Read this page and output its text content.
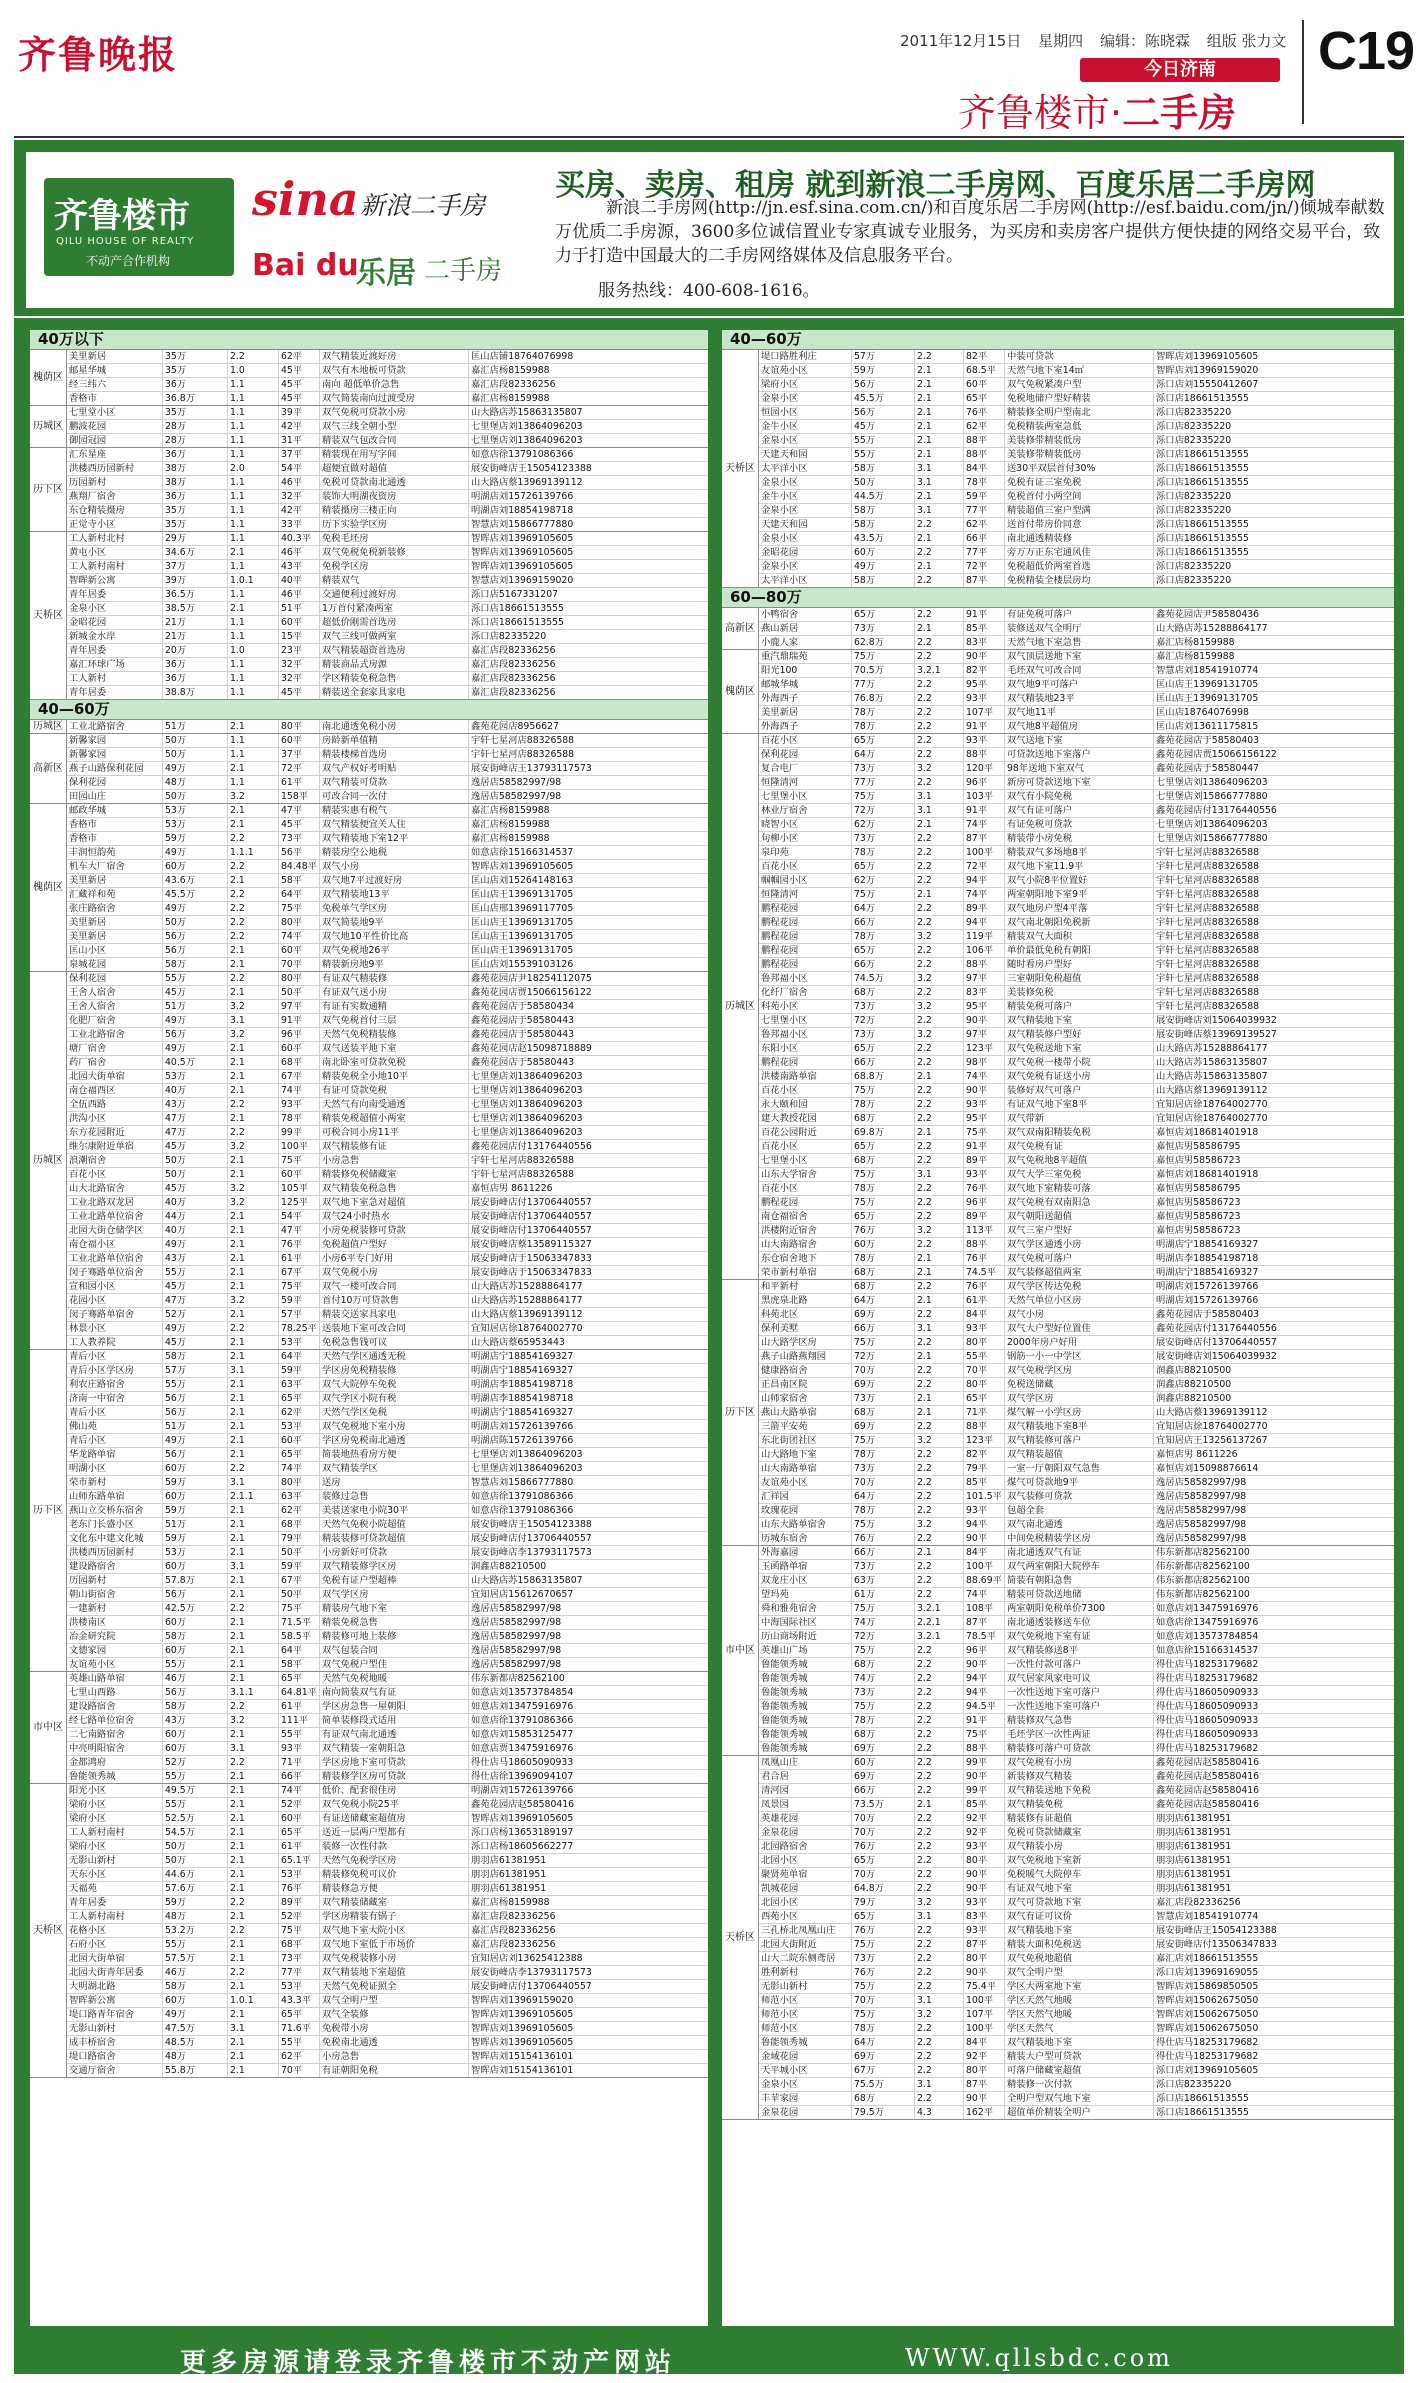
齐鲁晚报	2011年12月15日 星期四 编辑：陈晓霖 组版 张力文 C19
今日济南
齐鲁楼市·二手房
齐鲁楼市
QILU HOUSE OF REALTY
不动产合作机构
sina 新浪二手房
Bai du
乐居 二手房
买房、卖房、租房 就到新浪二手房网、百度乐居二手房网
新浪二手房网(http://jn.esf.sina.com.cn/)和百度乐居二手房网(http://esf.baidu.com/jn/)倾城奉献数万优质二手房源，3600多位诚信置业专家真诚专业服务，为买房和卖房客户提供方便快捷的网络交易平台，致力于打造中国最大的二手房网络媒体及信息服务平台。
服务热线：400-608-1616。
40万以下
槐荫区
美里新居	35万	2.2	62平	双气精装近渡好房	匡山店铺18764076998
邮星华城	35万	1.0	45平	双气有木地板可贷款	嘉汇店杨8159988
经三纬六	36万	1.1	45平	南向 超低单价急售	嘉汇店段82336256
香格市	36.8万	1.1	45平	双气简装南向过渡受房	嘉汇店杨8159988
历城区
七里堂小区	35万	1.1	39平	双气免税可贷款小房	山大路店苏15863135807
鹏波花园	28万	1.1	42平	双气三线全朝小型	七里堡店刘13864096203
御园冠园	28万	1.1	31平	精装双气包改合同	七里堡店刘13864096203
历下区
汇东星座	36万	1.1	37平	精装现在用写字间	如意店徐13791086366
洪楼西历园新村	38万	2.0	54平	超便宜做对超值	展安街峰店王15054123388
历园新村	38万	1.1	46平	免税可贷款南北通透	山大路店蔡13969139112
燕翔厂宿舍	36万	1.1	32平	装饰大明湖夜资房	明湖店刘15726139766
东仓精装摄房	35万	1.1	42平	精装摄房三楼正向	明湖店刘18854198718
正觉寺小区	35万	1.1	33平	历下实验学区房	智慧店刘15866777880
天桥区
工人新村北村	29万	1.1	40.3平	免税毛坯房	智晖店刘13969105605
黄屯小区	34.6万	2.1	46平	双气免税免税新装修	智晖店刘13969105605
工人新村南村	37万	1.1	43平	免税学区房	智晖店刘13969105605
智晖新公寓	39万	1.0.1	40平	精装双气	智慧店刘13969159020
青年居委	36.5万	1.1	46平	交通便利过渡好房	泺口店5167331207
金泉小区	38.5万	2.1	51平	1万首付紧凑两室	泺口店18661513555
金昭花园	21万	1.1	60平	超低价刚需首选房	泺口店18661513555
新城金水岸	21万	1.1	15平	双气三线可做两室	泺口店82335220
青年居委	20万	1.0	23平	双气精装超资首选房	嘉汇店段82336256
嘉汇环球广场	36万	1.1	32平	精装商品式房源	嘉汇店段82336256
工人新村	36万	1.1	32平	学区精装免税急售	嘉汇店段82336256
青年居委	38.8万	1.1	45平	精装送全套家具家电	嘉汇店段82336256
40—60万
历城区 工业北路宿舍	51万	2.1	80平	南北通透免税小房	鑫苑花园店8956627
高新区
新馨家园	50万	1.1	60平	房龄新单值精	宇轩七星河店88326588
新馨家园	50万	1.1	37平	精装楼梯首选房	宇轩七星河店88326588
燕子山路保利花园	49万	2.1	72平	双气产权好考明贴	展安街峰店王13793117573
保利花园	48万	1.1	61平	双气精装可贷款	逸居店58582997/98
田园山庄	50万	3.2	158平	可改合同一次付	逸居店58582997/98
槐荫区
邮政华城	53万	2.1	47平	精装实惠有税气	嘉汇店杨8159988
香格市	53万	2.1	45平	双气精装便宜关人住	嘉汇店杨8159988
香格市	59万	2.2	73平	双气精装地下室12平	嘉汇店杨8159988
丰润恒韵苑	49万	1.1.1	56平	精装房空公地税	如意店徐15166314537
机车大厂宿舍	60万	2.2	84.48平 双气小房	智晖店刘13969105605
美里新居	43.6万	2.1	58平	双气地7平过渡好房	匡山店刘15264148163
汇藏祥和苑	45.5万	2.2	64平	双气精装地13平	匡山店王13969131705
张庄路宿舍	49万	2.2	75平	免税单气学区房	匡山店邢13969117705
美里新居	50万	2.2	80平	双气简装地9平	匡山店王13969131705
美里新居	56万	2.2	74平	双气地10平性价比高	匡山店王13969131705
匡山小区	56万	2.1	60平	双气免税地26平	匡山店王13969131705
泉城花园	58万	2.1	70平	精装新房地9平	匡山店刘15539103126
历城区
保利花园	55万	2.2	80平	有证双气精装修	鑫苑花园店尹18254112075
王舍人宿舍	45万	2.1	50平	有证双气送小房	鑫苑花园店贾15066156122
王舍人宿舍	51万	3.2	97平	有证有实数通精	鑫苑花园店于58580434
化肥厂宿舍	49万	3.1	91平	双气免税首付三层	鑫苑花园店于58580443
工业北路宿舍	56万	3.2	96平	天然气免税精装修	鑫苑花园店于58580443
塘厂宿舍	49万	2.1	60平	双气送装平地下室	鑫苑花园店赵15098718889
药厂宿舍	40.5万	2.1	68平	南北卧室可贷款免税	鑫苑花园店于58580443
北园大街单宿	53万	2.1	67平	精装免税全小地10平	七里堡店刘13864096203
南仓福西区	40万	2.1	74平	有证可贷款免税	七里堡店刘13864096203
全伍西路	43万	2.2	93平	天然气有向南受通透	七里堡店刘13864096203
洪沟小区	47万	2.1	78平	精装免税超值小两室	七里堡店刘13864096203
东方花园附近	47万	2.2	99平	可税合同小房11平	七里堡店刘13864096203
维尔康附近单宿	45万	3.2	100平	双气精装修有证	鑫苑花园店付13176440556
浪潮宿舍	50万	2.1	75平	小房急售	宇轩七星河店88326588
百花小区	50万	2.1	60平	精装修免税储藏室	宇轩七星河店88326588
山大北路宿舍	45万	3.2	105平	双气精装免税急售	嘉恒店男 8611226
工业北路双龙居	40万	3.2	125平	双气地下室急对超值	展安街峰店付13706440557
工业北路单位宿舍	44万	2.1	54平	双气24小时热水	展安街峰店付13706440557
北园大街仓储学区	40万	2.1	47平	小房免税装修可贷款	展安街峰店付13706440557
南仓福小区	49万	2.1	76平	免税超值户型好	展安街峰店蔡13589115327
工业北路单位宿舍	43万	2.1	61平	小房6平专门好用	展安街峰店于15063347833
闵子骞路单位宿舍	55万	2.1	67平	双气免税小房	展安街峰店于15063347833
宣和园小区	45万	2.1	75平	双气一楼可改合同	山大路店苏15288864177
花园小区	47万	3.2	59平	首付10万可贷款售	山大路店苏15288864177
闵子骞路单宿舍	52万	2.1	57平	精装交送家具家电	山大路店蔡13969139112
林景小区	49万	2.2	78.25平 送装地下室可改合同	宜知居店徐18764002770
工人教养院	45万	2.1	53平	免税急售钱可议	山大路店蔡65953443
历下区
青后小区	58万	2.1	64平	天然气学区通透无税	明湖店宁18854169327
青后小区学区房	57万	3.1	59平	学区房免税精装修	明湖店宁18854169327
利农庄路宿舍	55万	2.1	63平	双气大院停车免税	明湖店李18854198718
济南一中宿舍	56万	2.1	65平	双气学区小院有税	明湖店李18854198718
青后小区	56万	2.1	62平	天然气学区免税	明湖店宁18854169327
佛山苑	51万	2.1	53平	双气免税地下室小房	明湖店刘15726139766
青后小区	49万	2.1	60平	学区房免税南北通透	明湖店陈15726139766
华龙路单宿	56万	2.1	65平	简装地热看房方便	七里堡店刘13864096203
明湖小区	60万	2.2	74平	双气精装学区	七里堡店刘13864096203
荣市新村	59万	3.1	80平	送房	智慧店刘15866777880
山师东路单宿	60万	2.1.1	63平	装修过急售	如意店徐13791086366
燕山立交桥东宿舍	59万	2.1	62平	美装送家电小院30平	如意店徐13791086366
老东门长盛小区	51万	2.1	68平	天然气免税小院超值	展安街峰店王15054123388
文化东中建文化城	59万	2.1	79平	精装装修可贷款超值	展安街峰店付13706440557
洪楼西历园新村	53万	2.1	50平	小房新好可贷款	展安街峰店李13793117573
建设路宿舍	60万	3.1	59平	双气精装修学区房	润鑫店88210500
历园新村	57.8万	2.1	67平	免税有证户型超棒	山大路店苏15863135807
朝山街宿舍	56万	2.1	50平	双气学区房	宜知居店15612670657
一建新村	42.5万	2.2	75平	精装房气地下室	逸居店58582997/98
洪楼南区	60万	2.1	71.5平	精装免税急售	逸居店58582997/98
冶金研究院	58万	2.1	58.5平	精装修可地上装修	逸居店58582997/98
文德家园	60万	2.1	64平	双气包装合同	逸居店58582997/98
友谊苑小区	55万	2.1	58平	双气免税户型佳	逸居店58582997/98
市中区
英雄山路单宿	46万	2.1	65平	天然气免税地暖	伟东新都店82562100
七里山西路	56万	3.1.1	64.81平 南向简装双气有证	如意店刘13573784854
建设路宿舍	58万	2.2	61平	学区房急售一屋朝阳	如意店刘13475916976
经七路单位宿舍	43万	3.2	111平	简单装修段式适用	如意店徐13791086366
二七南路宿舍	60万	2.1	55平	有证双气南北通透	如意店刘15853125477
中亮明阳宿舍	60万	3.1	93平	双气精装一室朝阳急	如意店贾13475916976
金都鸿府	52万	2.2	71平	学区房地下室可贷款	得仕店马18605090933
鲁能领秀城	55万	2.1	66平	精装修学区房可贷款	得仕店徐13969094107
天桥区
阳光小区	49.5万	2.1	74平	低价、配套很佳房	明湖店刘15726139766
梁府小区	55万	2.1	52平	双气免税小院25平	鑫苑花园店赵58580416
梁府小区	52.5万	2.1	60平	有证送储藏室超值房	智晖店刘13969105605
工人新村南村	54.5万	2.1	65平	送近一层两户型都有	泺口店杨13653189197
梁府小区	50万	2.1	61平	装修一次性付款	泺口店杨18605662277
无影山新村	50万	2.1	65.1平	天然气免税学区房	朋羽店61381951
天东小区	44.6万	2.1	53平	精装修免税可议价	朋羽店61381951
天福苑	57.6万	2.1	76平	精装修急方便	朋羽店61381951
青年居委	59万	2.2	89平	双气精装储藏室	嘉汇店杨8159988
工人新村南村	48万	2.1	52平	学区房精装有锅子	嘉汇店段82336256
花格小区	53.2万	2.2	75平	双气地下室大院小区	嘉汇店段82336256
石府小区	55万	2.1	68平	双气地下室低于市场价	嘉汇店段82336256
北园大街单宿	57.5万	2.1	73平	双气免税装修小房	宜知居店刘13625412388
北园大街青年居委	46万	2.2	77平	双气精装地下室超值	展安街峰店李13793117573
大明湖北路	58万	2.1	53平	天然气免税证照全	展安街峰店付13706440557
智晖新公寓	60万	1.0.1	43.3平	双气全明户型	智晖店刘13969159020
堤口路青年宿舍	49万	2.1	65平	双气全装修	智晖店刘13969105605
无影山新村	47.5万	3.1	71.6平	免税带小房	智晖店刘13969105605
成丰桥宿舍	48.5万	2.1	55平	免税南北通透	智晖店刘13969105605
堤口路宿舍	48万	2.1	62平	小房急售	智晖店刘15154136101
交通厅宿舍	55.8万	2.1	70平	有证朝阳免税	智晖店刘15154136101
40—60万
天桥区
堤口路胜利庄	57万	2.2	82平	中装可贷款	智晖店刘13969105605
友谊苑小区	59万	2.1	68.5平	天然气地下室14㎡	智晖店刘13969159020
梁府小区	56万	2.1	60平	双气免税紧凑户型	泺口店刘15550412607
金泉小区	45.5万	2.1	65平	免税地储户型好精装	泺口店18661513555
恒园小区	56万	2.1	76平	精装修全明户型南北	泺口店82335220
金牛小区	45万	2.1	62平	免税精装两室急低	泺口店82335220
金泉小区	55万	2.1	88平	美装修带精装低房	泺口店82335220
天建天和园	55万	2.1	88平	美装修带精装低房	泺口店18661513555
太平洋小区	58万	3.1	84平	送30平双层首付30%	泺口店18661513555
金泉小区	50万	3.1	78平	免税有证三室免税	泺口店18661513555
金牛小区	44.5万	2.1	59平	免税首付小两空间	泺口店82335220
金泉小区	58万	3.1	77平	精装超值三室户型满	泺口店82335220
天建天和园	58万	2.2	62平	送首付带房价同意	泺口店18661513555
金泉小区	43.5万	2.1	66平	南北通透精装修	泺口店18661513555
金昭花园	60万	2.2	77平	旁万万正东宅通风佳	泺口店18661513555
金泉小区	49万	2.1	72平	免税超低价两室首选	泺口店82335220
太平洋小区	58万	2.2	87平	免税精装全楼层房均	泺口店82335220
60—80万
高新区
小鸭宿舍	65万	2.2	91平	有证免税可落户	鑫苑花园店尹58580436
燕山新居	73万	2.1	85平	装修送双气全明厅	山大路店苏15288864177
小鹿人家	62.8万	2.2	83平	天然气地下室急售	嘉汇店杨8159988
槐荫区
重汽鼎瑞苑	75万	2.2	90平	双气顶层送地下室	嘉汇店杨8159988
阳光100	70.5万	3.2.1	82平	毛坯双气可改合同	智慧店刘18541910774
邮城华城	77万	2.2	95平	双气地9平可落户	匡山店王13969131705
外海西子	76.8万	2.2	93平	双气精装地23平	匡山店王13969131705
美里新居	78万	2.2	107平	双气地11平	匡山店18764076998
外海西子	78万	2.2	91平	双气地8平超值房	匡山店刘13611175815
历城区
百花小区	65万	2.2	93平	双气送地下室	鑫苑花园店于58580403
保利花园	64万	2.2	88平	可贷款送地下室落户	鑫苑花园店贾15066156122
复合电厂	73万	3.2	120平	98年送地下室双气	鑫苑花园店于58580447
恒隆清河	77万	2.2	96平	新房可贷款送地下室	七里堡店刘13864096203
七里堡小区	75万	3.1	103平	双气有小院免税	七里堡店刘15866777880
林业厅宿舍	72万	3.1	91平	双气有证可落户	鑫苑花园店付13176440556
晓智小区	62万	2.1	74平	有证免税可贷款	七里堡店刘13864096203
旬柳小区	73万	2.2	87平	精装带小房免税	七里堡店刘15866777880
泉印苑	78万	2.2	100平	精装双气多场地8平	宇轩七星河店88326588
百花小区	65万	2.2	72平	双气地下室11.9平	宇轩七星河店88326588
帼帼园小区	62万	2.2	94平	双气小院8平位置好	宇轩七星河店88326588
恒隆清河	75万	2.1	74平	两室朝阳地下室9平	宇轩七星河店88326588
鹏程花园	64万	2.2	89平	双气地房户型4平落	宇轩七星河店88326588
鹏程花园	66万	2.2	94平	双气南北朝阳免税新	宇轩七星河店88326588
鹏程花园	78万	3.2	119平	精装双气大面积	宇轩七星河店88326588
鹏程花园	65万	2.2	106平	单价最低免税有朝阳	宇轩七星河店88326588
鹏程花园	66万	2.2	88平	随时看房户型好	宇轩七星河店88326588
鲁邦福小区	74.5万	3.2	97平	三室朝阳免税超值	宇轩七星河店88326588
化纤厂宿舍	68万	2.2	83平	美装修免税	宇轩七星河店88326588
科苑小区	73万	3.2	95平	精装免税可落户	宇轩七星河店88326588
七里堡小区	72万	2.2	90平	双气精装地下室	展安街峰店刘15064039932
鲁邦福小区	73万	3.2	97平	双气精装修户型好	展安街峰店蔡13969139527
东阳小区	65万	2.2	123平	双气免税送地下室	山大路店苏15288864177
鹏程花园	66万	2.2	98平	双气免税一楼带小院	山大路店苏15863135807
洪楼南路单宿	68.8万	2.1	74平	双气免税有证送小房	山大路店苏15863135807
百花小区	75万	2.2	90平	装修好双气可落户	山大路店蔡13969139112
永大颐和园	78万	2.2	93平	有证双气地下室8平	宜知居店徐18764002770
建大教授花园	68万	2.2	95平	双气带新	宜知居店徐18764002770
百花公园附近	69.8万	2.1	75平	双气双南阳精装免税	嘉恒店刘18681401918
百花小区	65万	2.2	91平	双气免税有证	嘉恒店男58586795
七里堡小区	68万	2.2	89平	双气免税地8平超值	嘉恒店男58586723
山东大学宿舍	75万	3.1	93平	双气大学三室免税	嘉恒店刘18681401918
百花小区	78万	2.2	76平	双气地下室精装可落	嘉恒店男58586795
鹏程花园	75万	2.2	96平	双气免税有双南阳急	嘉恒店男58586723
南仓福宿舍	65万	2.2	89平	双气朝阳送超值	嘉恒店男58586723
洪楼附近宿舍	76万	3.2	113平	双气三室户型好	嘉恒店男58586723
山大南路宿舍	60万	2.2	88平	双气学区通透小房	明湖店宁18854169327
东仓宿舍地下	78万	2.1	76平	双气免税可落户	明湖店李18854198718
荣市新村单宿	68万	2.1	74.5平	双气装修超值两室	明湖店宁18854169327
历下区
和平新村	68万	2.2	76平	双气学区传达免税	明湖店刘15726139766
黑虎泉北路	64万	2.1	61平	天然气单位小区房	明湖店刘15726139766
科苑北区	69万	2.2	84平	双气小房	鑫苑花园店于58580403
保利美墅	66万	3.1	93平	双气大户型好位置佳	鑫苑花园店付13176440556
山大路学区房	75万	2.2	80平	2000年房户好用	展安街峰店付13706440557
燕子山路燕翔园	72万	2.1	55平	钢筋一小一中学区	展安街峰店刘15064039932
健康路宿舍	70万	2.2	70平	双气免税学区房	润鑫店88210500
正昌南区院	69万	2.2	80平	免税送储藏	润鑫店88210500
山师家宿舍	73万	2.1	65平	双气学区房	润鑫店88210500
燕山大路单宿	68万	2.1	71平	煤气解一小学区房	山大路店蔡13969139112
三箭平安苑	69万	2.2	88平	双气精装地下室8平	宜知居店徐18764002770
东北街团社区	75万	3.2	123平	双气精装修可落户	宜知居店王13256137267
山大路地下室	78万	2.2	82平	双气精装超值	嘉恒店男 8611226
山大南路单宿	73万	2.2	79平	一室一厅朝阳双气急售	嘉恒店刘15098876614
友谊苑小区	70万	2.2	85平	煤气可贷款地9平	逸居店58582997/98
汇祥园	64万	2.2	101.5平 双气装修可贷款	逸居店58582997/98
玫瑰花园	78万	2.2	93平	包超全套	逸居店58582997/98
山东大路单宿舍	75万	3.2	94平	双气南北通透	逸居店58582997/98
历城东宿舍	76万	2.2	90平	中间免税精装学区房	逸居店58582997/98
市中区
外海嘉园	66万	2.1	84平	南北通透双气有证	伟东新都店82562100
玉函路单宿	73万	2.2	100平	双气两室朝阳大院停车	伟东新都店82562100
双龙庄小区	63万	2.2	88.69平 简装有朝阳急售	伟东新都店82562100
望玛苑	61万	2.2	74平	精装可贷款送地储	伟东新都店82562100
舜和雅苑宿舍	75万	3.2.1	108平	两室朝阳免税单价7300	如意店刘13475916976
中海国际社区	74万	2.2.1	87平	南北通透装修送车位	如意店徐13475916976
历山商场附近	72万	3.2.1	78.5平	双气免税地下室有证	如意店刘13573784854
英雄山广场	75万	2.2	96平	双气精装修送8平	如意店徐15166314537
鲁能领秀城	68万	2.2	90平	一次性付款可落户	得仕店马18253179682
鲁能领秀城	74万	2.2	94平	双气居家风家电可议	得仕店马18253179682
鲁能领秀城	73万	2.2	94平	一次性送地下室可落户	得仕店马18605090933
鲁能领秀城	75万	2.2	94.5平	一次性送地下室可落户	得仕店马18605090933
鲁能领秀城	78万	2.2	91平	精装修双气急售	得仕店马18605090933
鲁能领秀城	68万	2.2	75平	毛坯学区一次性两证	得仕店马18605090933
鲁能领秀城	69万	2.2	88平	精装修可落户可贷款	得仕店马18253179682
天桥区
凤凰山庄	60万	2.2	99平	双气免税有小房	鑫苑花园店赵58580416
君合居	69万	2.2	90平	新装修双气精装	鑫苑花园店赵58580416
清河园	66万	2.2	99平	双气精装送地下免税	鑫苑花园店赵58580416
凤景园	73.5万	2.1	85平	双气精装免税	鑫苑花园店赵58580416
英雄花园	70万	2.2	92平	精装修有证超值	朋羽店61381951
金泉花园	70万	2.2	92平	免税可贷款储藏室	朋羽店61381951
北园路宿舍	76万	2.2	93平	双气精装小房	朋羽店61381951
北园小区	65万	2.2	80平	双气免税地下室新	朋羽店61381951
聚贤苑单宿	70万	2.2	90平	免税暖气大院停车	朋羽店61381951
凯城花园	64.8万	2.2	90平	有证双气地下室	朋羽店61381951
北园小区	79万	3.2	93平	双气可贷款地下室	嘉汇店段82336256
西苑小区	65万	3.1	83平	双气有证可议价	智慧店刘18541910774
三孔桥北凤凰山庄	76万	2.2	93平	双气精装地下室	展安街峰店王15054123388
北园大街附近	75万	2.2	87平	精装大面积免税送	展安街峰店付13506347833
山大二院东侧鸢居	73万	2.2	80平	双气免税地超值	嘉汇店刘18661513555
胜利新村	76万	2.2	90平	双气全明户型	泺口店刘13969169055
无影山新村	75万	2.2	75.4平	学区大两室地下室	智晖店刘15869850505
师范小区	70万	3.1	100平	学区天然气地暖	智晖店刘15062675050
师范小区	75万	3.2	107平	学区天然气地暖	智晖店刘15062675050
师范小区	78万	2.2	100平	学区天然气	智晖店刘15062675050
鲁能领秀城	64万	2.2	84平	双气精装地下室	得仕店马18253179682
金域花园	69万	2.2	92平	精装大户型可贷款	得仕店马18253179682
天平城小区	67万	2.2	80平	可落户储藏室超值	泺口店刘13969105605
金泉小区	75.5万	3.1	87平	精装修一次付款	泺口店82335220
丰苹家园	68万	2.2	90平	全明户型双气地下室	泺口店18661513555
金泉花园	79.5万	4.3	162平	超值单价精装全明户	泺口店18661513555
更多房源请登录齐鲁楼市不动产网站	WWW.qllsbdc.com
